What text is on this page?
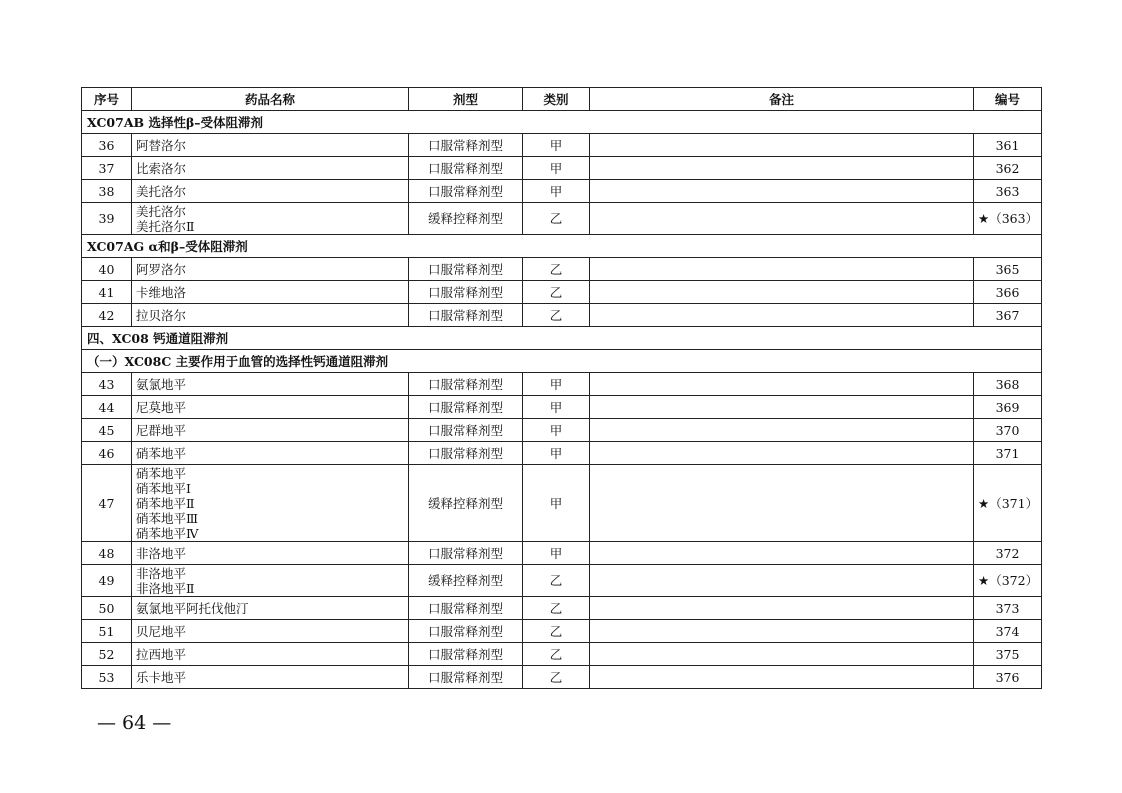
序号	药品名称	剂型	类别	备注	编号
XC07AB 选择性β–受体阻滞剂					
36	阿替洛尔	口服常释剂型	甲		361
37	比索洛尔	口服常释剂型	甲		362
38	美托洛尔	口服常释剂型	甲		363
39	美托洛尔
美托洛尔Ⅱ	缓释控释剂型	乙		★（363）
XC07AG α和β–受体阻滞剂					
40	阿罗洛尔	口服常释剂型	乙		365
41	卡维地洛	口服常释剂型	乙		366
42	拉贝洛尔	口服常释剂型	乙		367
四、XC08 钙通道阻滞剂					
（一）XC08C 主要作用于血管的选择性钙通道阻滞剂					
43	氨氯地平	口服常释剂型	甲		368
44	尼莫地平	口服常释剂型	甲		369
45	尼群地平	口服常释剂型	甲		370
46	硝苯地平	口服常释剂型	甲		371
47	硝苯地平
硝苯地平Ⅰ
硝苯地平Ⅱ
硝苯地平Ⅲ
硝苯地平Ⅳ	缓释控释剂型	甲		★（371）
48	非洛地平	口服常释剂型	甲		372
49	非洛地平
非洛地平Ⅱ	缓释控释剂型	乙		★（372）
50	氨氯地平阿托伐他汀	口服常释剂型	乙		373
51	贝尼地平	口服常释剂型	乙		374
52	拉西地平	口服常释剂型	乙		375
53	乐卡地平	口服常释剂型	乙		376
— 64 —
